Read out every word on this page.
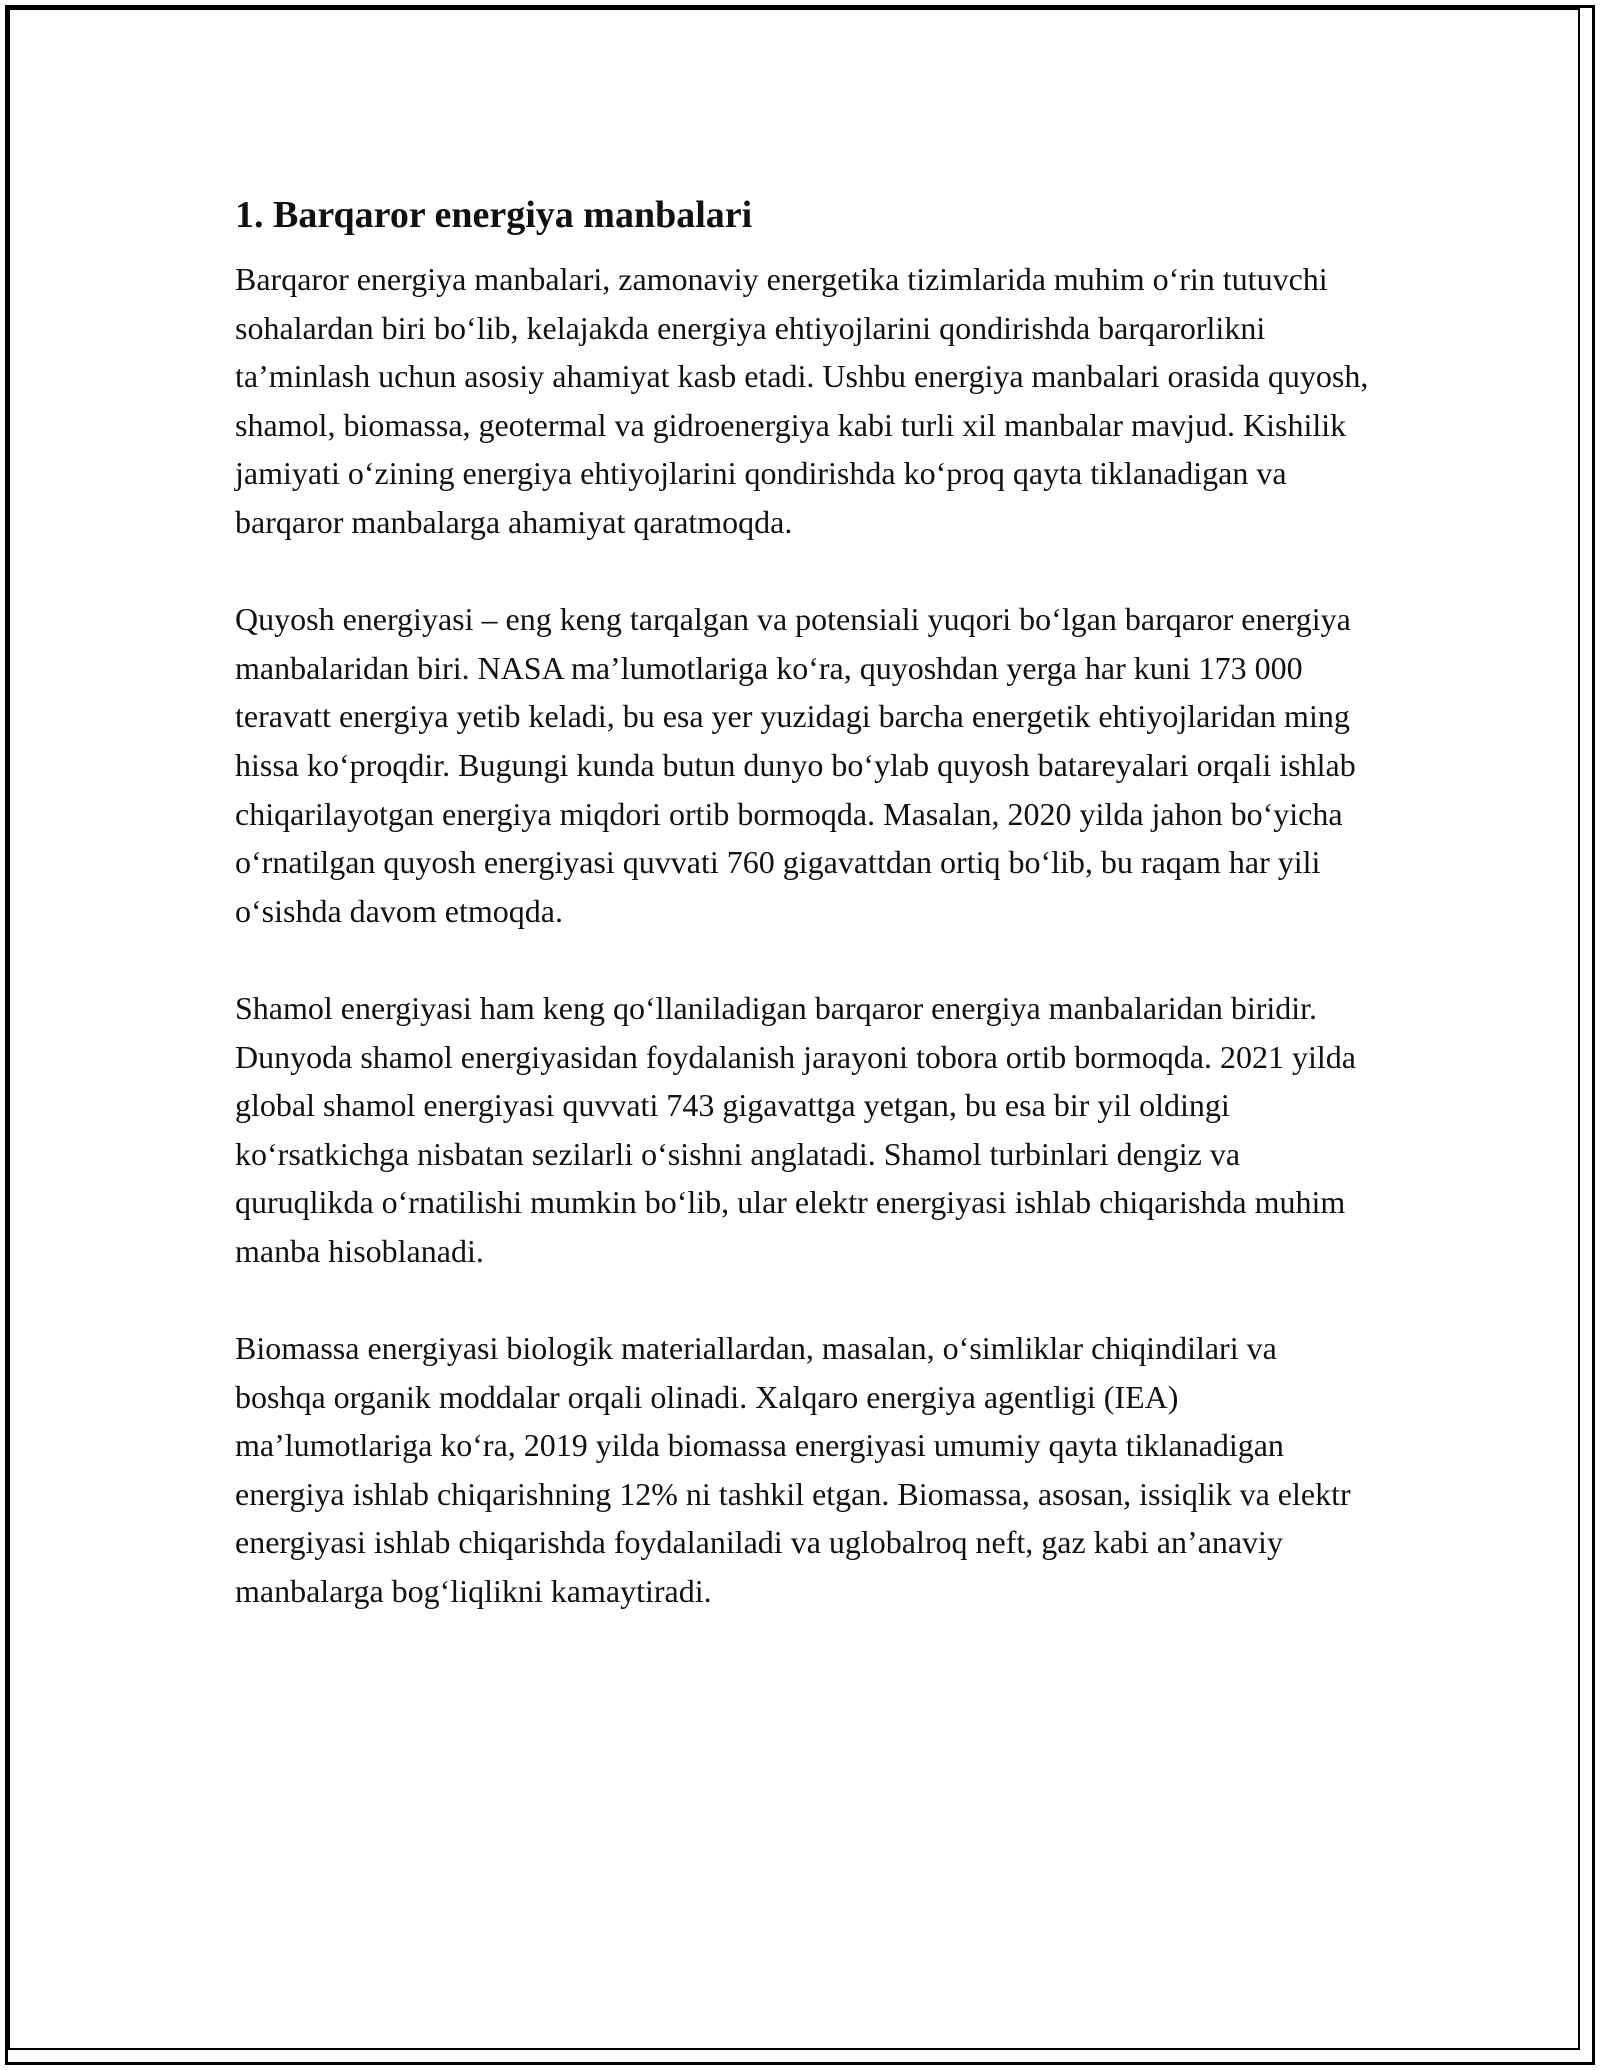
1. Barqaror energiya manbalari

Barqaror energiya manbalari, zamonaviy energetika tizimlarida muhim o‘rin tutuvchi sohalardan biri bo‘lib, kelajakda energiya ehtiyojlarini qondirishda barqarorlikni ta’minlash uchun asosiy ahamiyat kasb etadi. Ushbu energiya manbalari orasida quyosh, shamol, biomassa, geotermal va gidroenergiya kabi turli xil manbalar mavjud. Kishilik jamiyati o‘zining energiya ehtiyojlarini qondirishda ko‘proq qayta tiklanadigan va barqaror manbalarga ahamiyat qaratmoqda.

Quyosh energiyasi – eng keng tarqalgan va potensiali yuqori bo‘lgan barqaror energiya manbalaridan biri. NASA ma’lumotlariga ko‘ra, quyoshdan yerga har kuni 173 000 teravatt energiya yetib keladi, bu esa yer yuzidagi barcha energetik ehtiyojlaridan ming hissa ko‘proqdir. Bugungi kunda butun dunyo bo‘ylab quyosh batareyalari orqali ishlab chiqarilayotgan energiya miqdori ortib bormoqda. Masalan, 2020 yilda jahon bo‘yicha o‘rnatilgan quyosh energiyasi quvvati 760 gigavattdan ortiq bo‘lib, bu raqam har yili o‘sishda davom etmoqda.

Shamol energiyasi ham keng qo‘llaniladigan barqaror energiya manbalaridan biridir. Dunyoda shamol energiyasidan foydalanish jarayoni tobora ortib bormoqda. 2021 yilda global shamol energiyasi quvvati 743 gigavattga yetgan, bu esa bir yil oldingi ko‘rsatkichga nisbatan sezilarli o‘sishni anglatadi. Shamol turbinlari dengiz va quruqlikda o‘rnatilishi mumkin bo‘lib, ular elektr energiyasi ishlab chiqarishda muhim manba hisoblanadi.

Biomassa energiyasi biologik materiallardan, masalan, o‘simliklar chiqindilari va boshqa organik moddalar orqali olinadi. Xalqaro energiya agentligi (IEA) ma’lumotlariga ko‘ra, 2019 yilda biomassa energiyasi umumiy qayta tiklanadigan energiya ishlab chiqarishning 12% ni tashkil etgan. Biomassa, asosan, issiqlik va elektr energiyasi ishlab chiqarishda foydalaniladi va uglobalroq neft, gaz kabi an’anaviy manbalarga bog‘liqlikni kamaytiradi.
